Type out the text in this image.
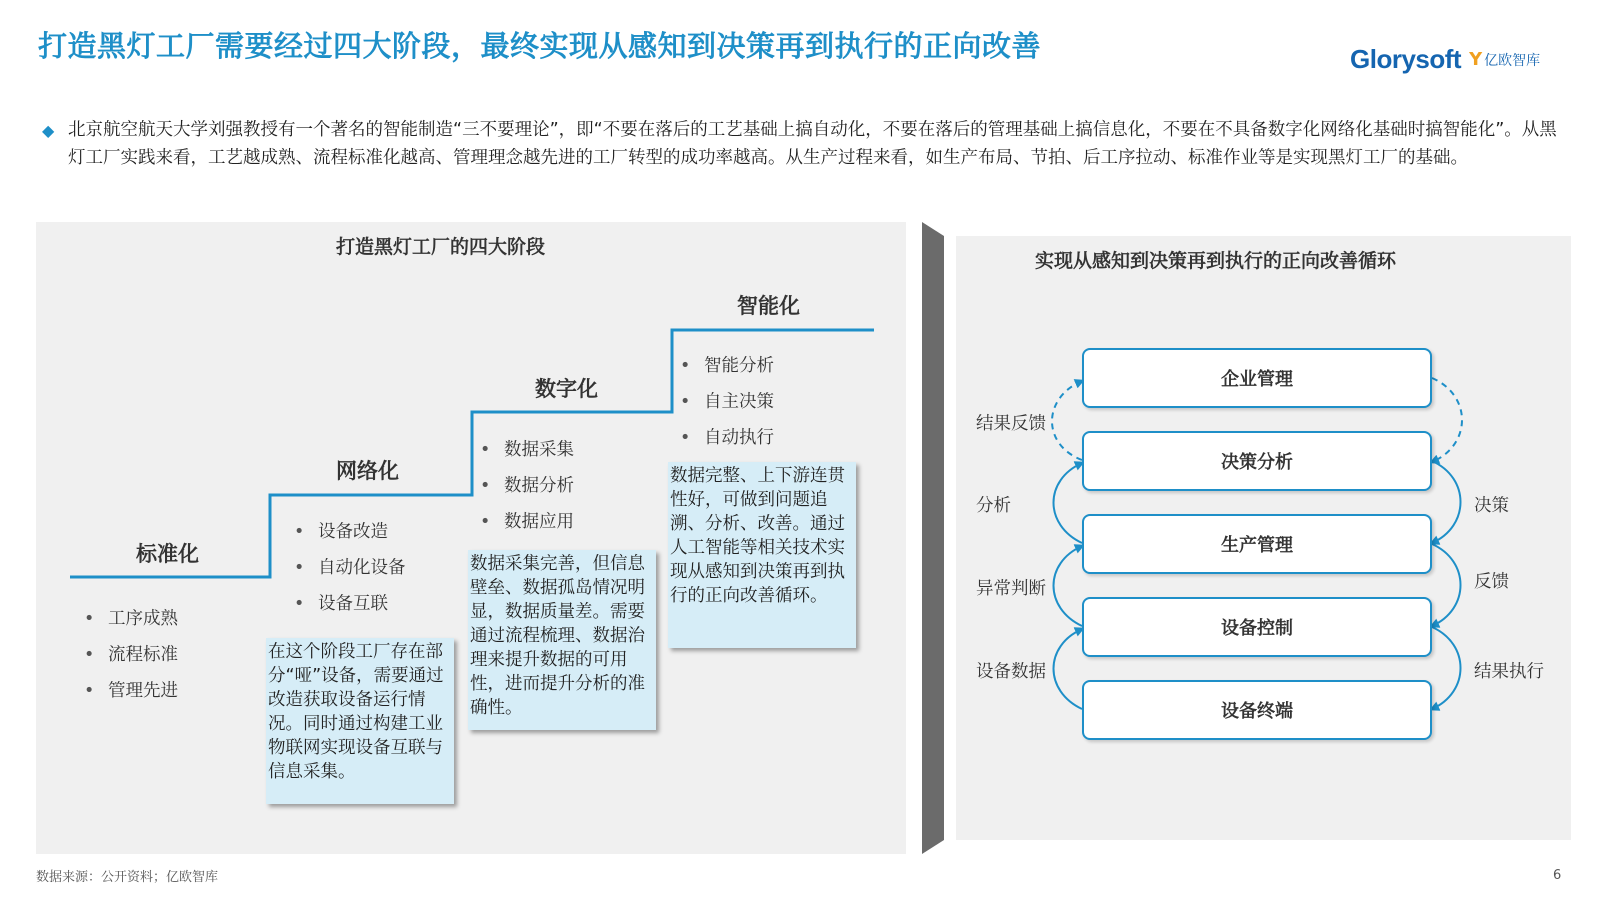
打造黑灯工厂需要经过四大阶段，最终实现从感知到决策再到执行的正向改善	Glorysoft Y 亿欧智库
◆ 北京航空航天大学刘强教授有一个著名的智能制造“三不要理论”，即“不要在落后的工艺基础上搞自动化，不要在落后的管理基础上搞信息化，不要在不具备数字化网络化基础时搞智能化”。从黑灯工厂实践来看，工艺越成熟、流程标准化越高、管理理念越先进的工厂转型的成功率越高。从生产过程来看，如生产布局、节拍、后工序拉动、标准作业等是实现黑灯工厂的基础。

打造黑灯工厂的四大阶段
标准化
• 工序成熟
• 流程标准
• 管理先进
网络化
• 设备改造
• 自动化设备
• 设备互联
在这个阶段工厂存在部分“哑”设备，需要通过改造获取设备运行情况。同时通过构建工业物联网实现设备互联与信息采集。
数字化
• 数据采集
• 数据分析
• 数据应用
数据采集完善，但信息壁垒、数据孤岛情况明显，数据质量差。需要通过流程梳理、数据治理来提升数据的可用性，进而提升分析的准确性。
智能化
• 智能分析
• 自主决策
• 自动执行
数据完整、上下游连贯性好，可做到问题追溯、分析、改善。通过人工智能等相关技术实现从感知到决策再到执行的正向改善循环。
实现从感知到决策再到执行的正向改善循环
企业管理
决策分析
生产管理
设备控制
设备终端
结果反馈
分析
异常判断
设备数据
决策
反馈
结果执行
数据来源：公开资料；亿欧智库	6
